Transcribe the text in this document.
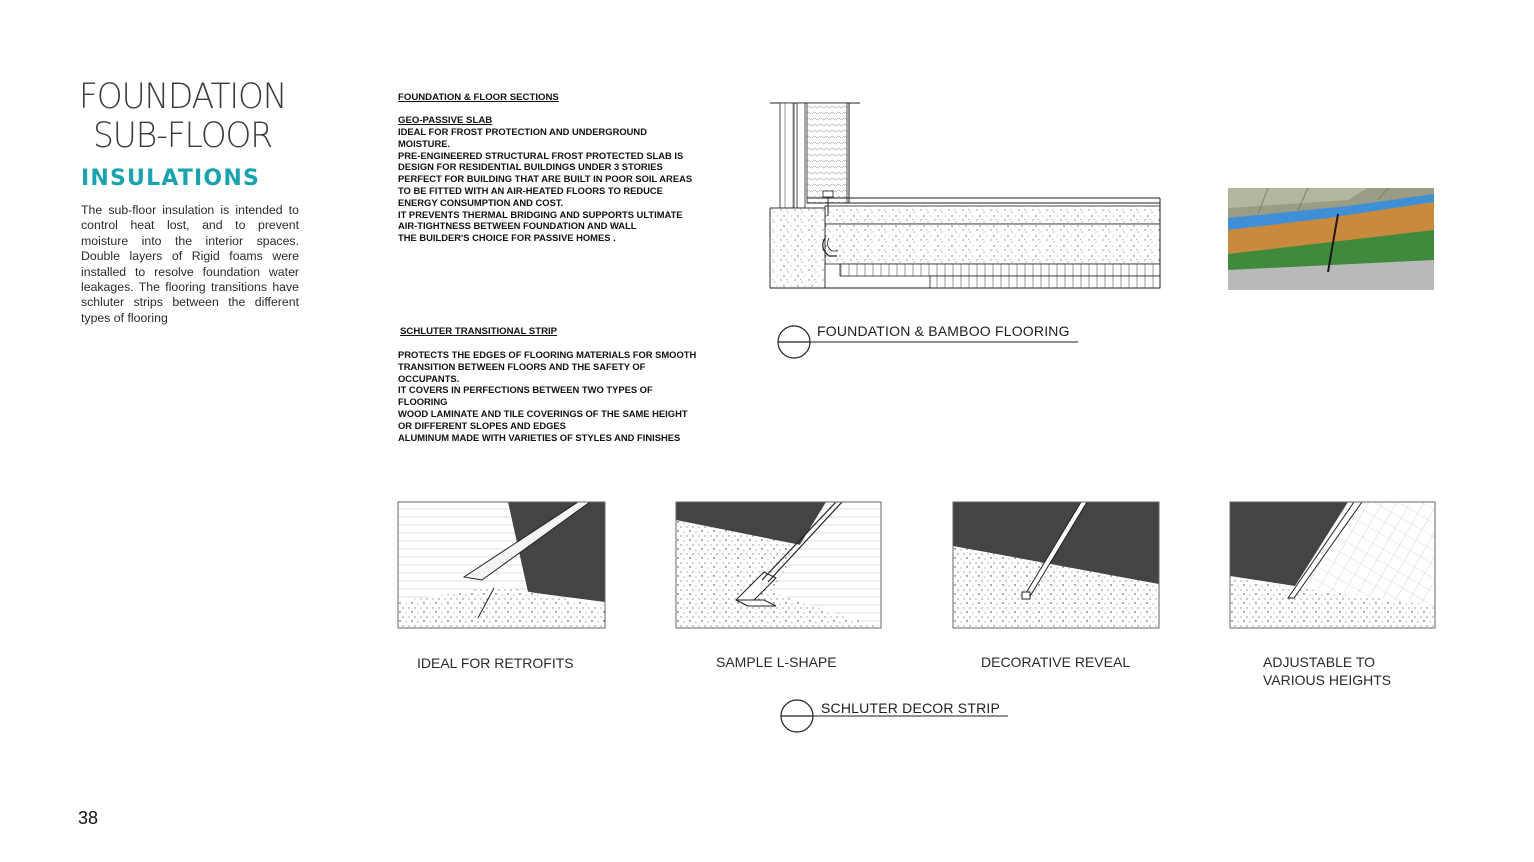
FOUNDATION
SUB-FLOOR
INSULATIONS

The sub-floor insulation is intended to control heat lost, and to prevent moisture into the interior spaces. Double layers of Rigid foams were installed to resolve foundation water leakages. The flooring transitions have schluter strips between the different types of flooring

38

FOUNDATION & FLOOR SECTIONS

GEO-PASSIVE SLAB

IDEAL FOR FROST PROTECTION AND UNDERGROUND

MOISTURE.

PRE-ENGINEERED STRUCTURAL FROST PROTECTED SLAB IS

DESIGN FOR RESIDENTIAL BUILDINGS UNDER 3 STORIES

PERFECT FOR BUILDING THAT ARE BUILT IN POOR SOIL AREAS

TO BE FITTED WITH AN AIR-HEATED FLOORS TO REDUCE

ENERGY CONSUMPTION AND COST.

IT PREVENTS THERMAL BRIDGING AND SUPPORTS ULTIMATE

AIR-TIGHTNESS BETWEEN FOUNDATION AND WALL

THE BUILDER'S CHOICE FOR PASSIVE HOMES .

SCHLUTER TRANSITIONAL STRIP

PROTECTS THE EDGES OF FLOORING MATERIALS FOR SMOOTH

TRANSITION BETWEEN FLOORS AND THE SAFETY OF

OCCUPANTS.

IT COVERS IN PERFECTIONS BETWEEN TWO TYPES OF

FLOORING

WOOD LAMINATE AND TILE COVERINGS OF THE SAME HEIGHT

OR DIFFERENT SLOPES AND EDGES

ALUMINUM MADE WITH VARIETIES OF STYLES AND FINISHES

FOUNDATION & BAMBOO FLOORING
IDEAL FOR RETROFITS	SAMPLE L-SHAPE	DECORATIVE REVEAL	ADJUSTABLE TO
VARIOUS HEIGHTS
SCHLUTER DECOR STRIP
